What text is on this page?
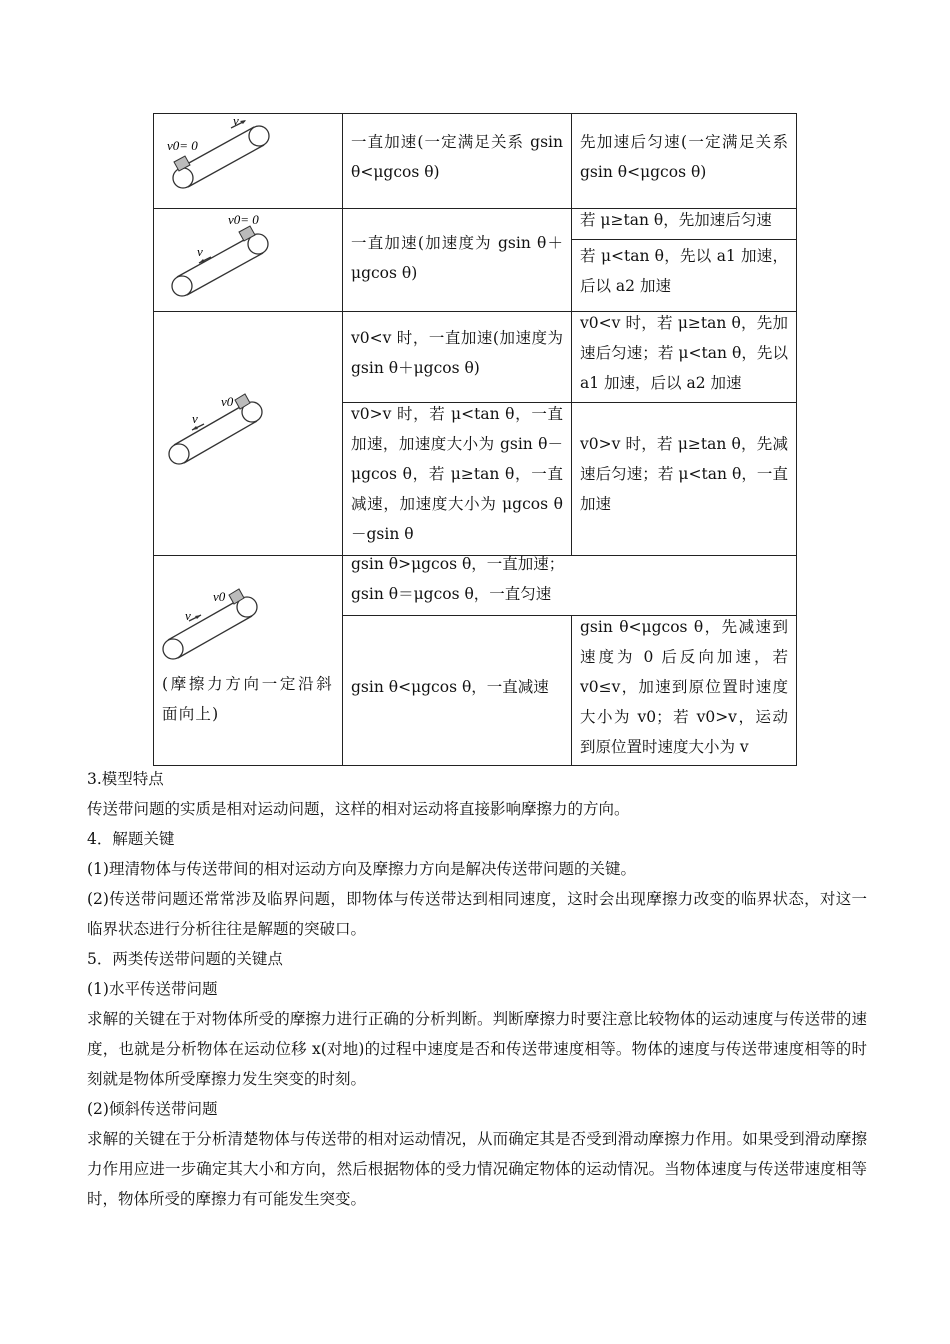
v0= 0
v
一直加速(一定满足关系 gsin θ<μgcos θ)
先加速后匀速(一定满足关系 gsin θ<μgcos θ)
v0= 0
v	一直加速(加速度为 gsin θ＋μgcos θ)
若 μ≥tan θ，先加速后匀速
若 μ<tan θ，先以 a1 加速，后以 a2 加速
v0
v
v0<v 时，一直加速(加速度为 gsin θ＋μgcos θ)
v0<v 时，若 μ≥tan θ，先加速后匀速；若 μ<tan θ，先以 a1 加速，后以 a2 加速
v0>v 时，若 μ<tan θ，一直加速，加速度大小为 gsin θ－μgcos θ，若 μ≥tan θ，一直减速，加速度大小为 μgcos θ－gsin θ
v0>v 时，若 μ≥tan θ，先减速后匀速；若 μ<tan θ，一直加速
v0
v
(摩擦力方向一定沿斜面向上)
gsin θ>μgcos θ，一直加速；
gsin θ＝μgcos θ，一直匀速
gsin θ<μgcos θ，一直减速
gsin θ<μgcos θ，先减速到速度为 0 后反向加速，若 v0≤v，加速到原位置时速度大小为 v0；若 v0>v，运动到原位置时速度大小为 v

3.模型特点

传送带问题的实质是相对运动问题，这样的相对运动将直接影响摩擦力的方向。

4．解题关键

(1)理清物体与传送带间的相对运动方向及摩擦力方向是解决传送带问题的关键。

(2)传送带问题还常常涉及临界问题，即物体与传送带达到相同速度，这时会出现摩擦力改变的临界状态，对这一临界状态进行分析往往是解题的突破口。

5．两类传送带问题的关键点

(1)水平传送带问题

求解的关键在于对物体所受的摩擦力进行正确的分析判断。判断摩擦力时要注意比较物体的运动速度与传送带的速度，也就是分析物体在运动位移 x(对地)的过程中速度是否和传送带速度相等。物体的速度与传送带速度相等的时刻就是物体所受摩擦力发生突变的时刻。

(2)倾斜传送带问题

求解的关键在于分析清楚物体与传送带的相对运动情况，从而确定其是否受到滑动摩擦力作用。如果受到滑动摩擦力作用应进一步确定其大小和方向，然后根据物体的受力情况确定物体的运动情况。当物体速度与传送带速度相等时，物体所受的摩擦力有可能发生突变。
